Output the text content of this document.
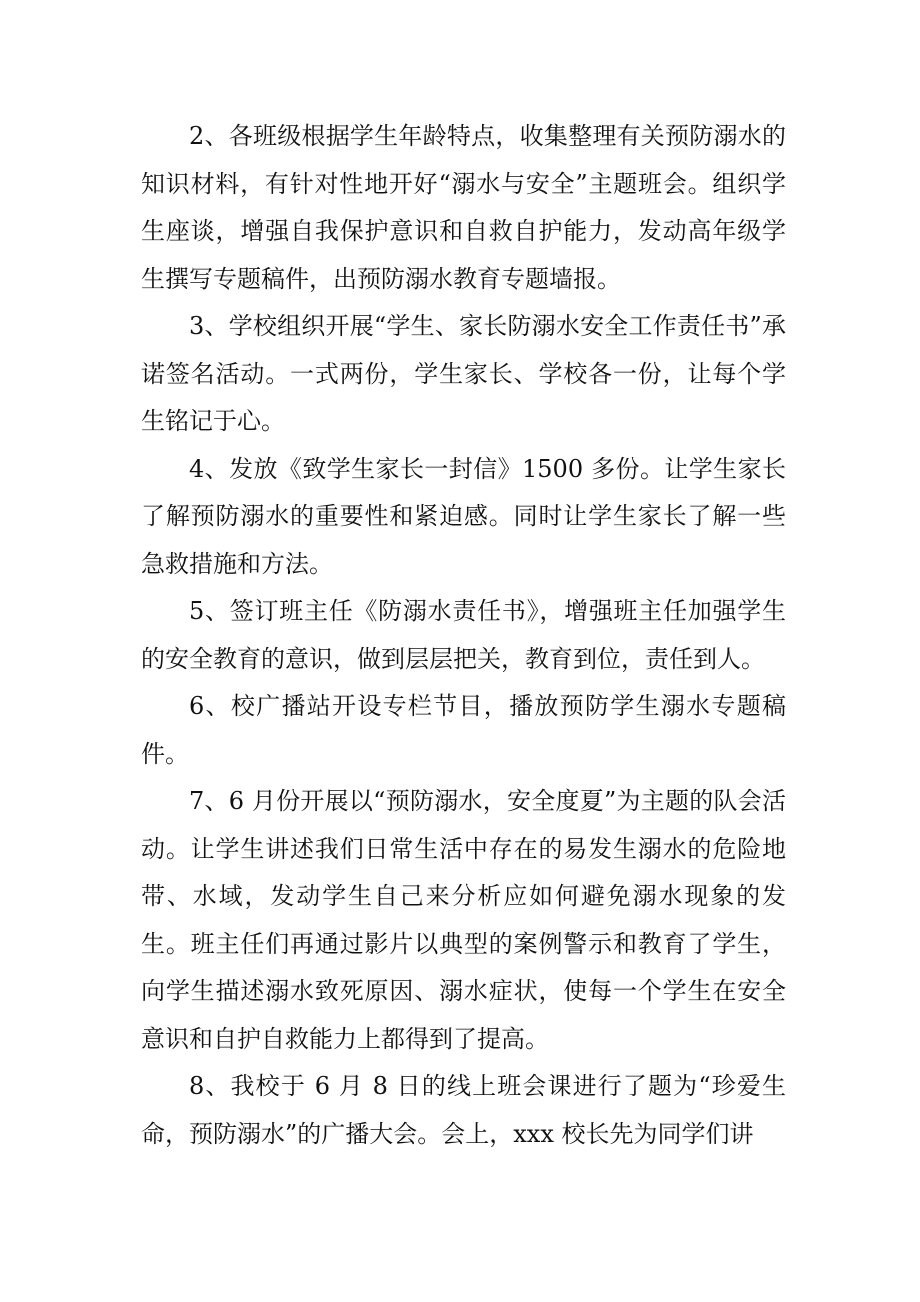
2、各班级根据学生年龄特点，收集整理有关预防溺水的知识材料，有针对性地开好“溺水与安全”主题班会。组织学生座谈，增强自我保护意识和自救自护能力，发动高年级学生撰写专题稿件，出预防溺水教育专题墙报。

3、学校组织开展“学生、家长防溺水安全工作责任书”承诺签名活动。一式两份，学生家长、学校各一份，让每个学生铭记于心。

4、发放《致学生家长一封信》1500 多份。让学生家长了解预防溺水的重要性和紧迫感。同时让学生家长了解一些急救措施和方法。

5、签订班主任《防溺水责任书》，增强班主任加强学生的安全教育的意识，做到层层把关，教育到位，责任到人。

6、校广播站开设专栏节目，播放预防学生溺水专题稿件。

7、6 月份开展以“预防溺水，安全度夏”为主题的队会活动。让学生讲述我们日常生活中存在的易发生溺水的危险地带、水域，发动学生自己来分析应如何避免溺水现象的发生。班主任们再通过影片以典型的案例警示和教育了学生，向学生描述溺水致死原因、溺水症状，使每一个学生在安全意识和自护自救能力上都得到了提高。

8、我校于 6 月 8 日的线上班会课进行了题为“珍爱生命，预防溺水”的广播大会。会上，xxx 校长先为同学们讲
